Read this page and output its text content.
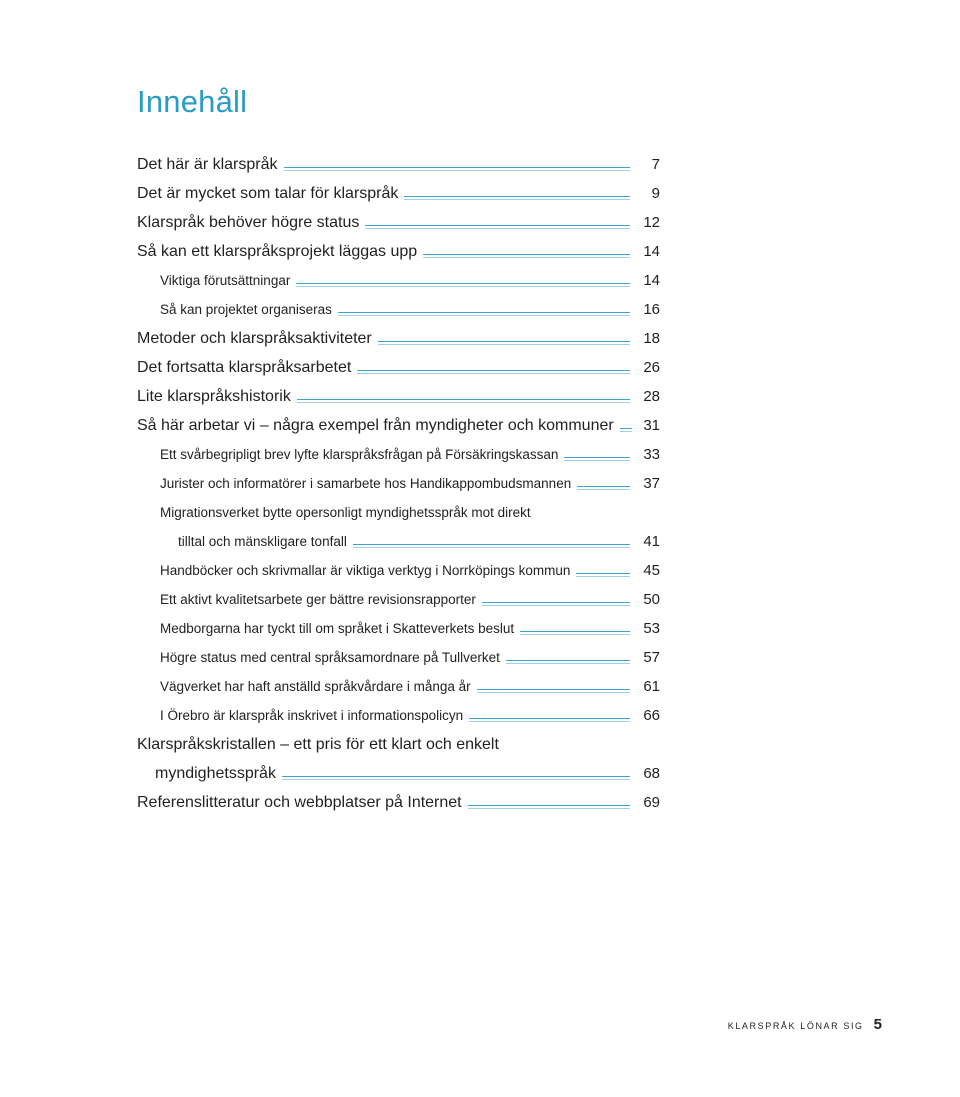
Innehåll
Det här är klarspråk	7
Det är mycket som talar för klarspråk	9
Klarspråk behöver högre status	12
Så kan ett klarspråksprojekt läggas upp	14
Viktiga förutsättningar	14
Så kan projektet organiseras	16
Metoder och klarspråksaktiviteter	18
Det fortsatta klarspråksarbetet	26
Lite klarspråkshistorik	28
Så här arbetar vi – några exempel från myndigheter och kommuner	31
Ett svårbegripligt brev lyfte klarspråksfrågan på Försäkringskassan	33
Jurister och informatörer i samarbete hos Handikappombudsmannen	37
Migrationsverket bytte opersonligt myndighetsspråk mot direkt
tilltal och mänskligare tonfall	41
Handböcker och skrivmallar är viktiga verktyg i Norrköpings kommun	45
Ett aktivt kvalitetsarbete ger bättre revisionsrapporter	50
Medborgarna har tyckt till om språket i Skatteverkets beslut	53
Högre status med central språksamordnare på Tullverket	57
Vägverket har haft anställd språkvårdare i många år	61
I Örebro är klarspråk inskrivet i informationspolicyn	66
Klarspråkskristallen – ett pris för ett klart och enkelt
myndighetsspråk	68
Referenslitteratur och webbplatser på Internet	69
KLARSPRÅK LÖNAR SIG 5
